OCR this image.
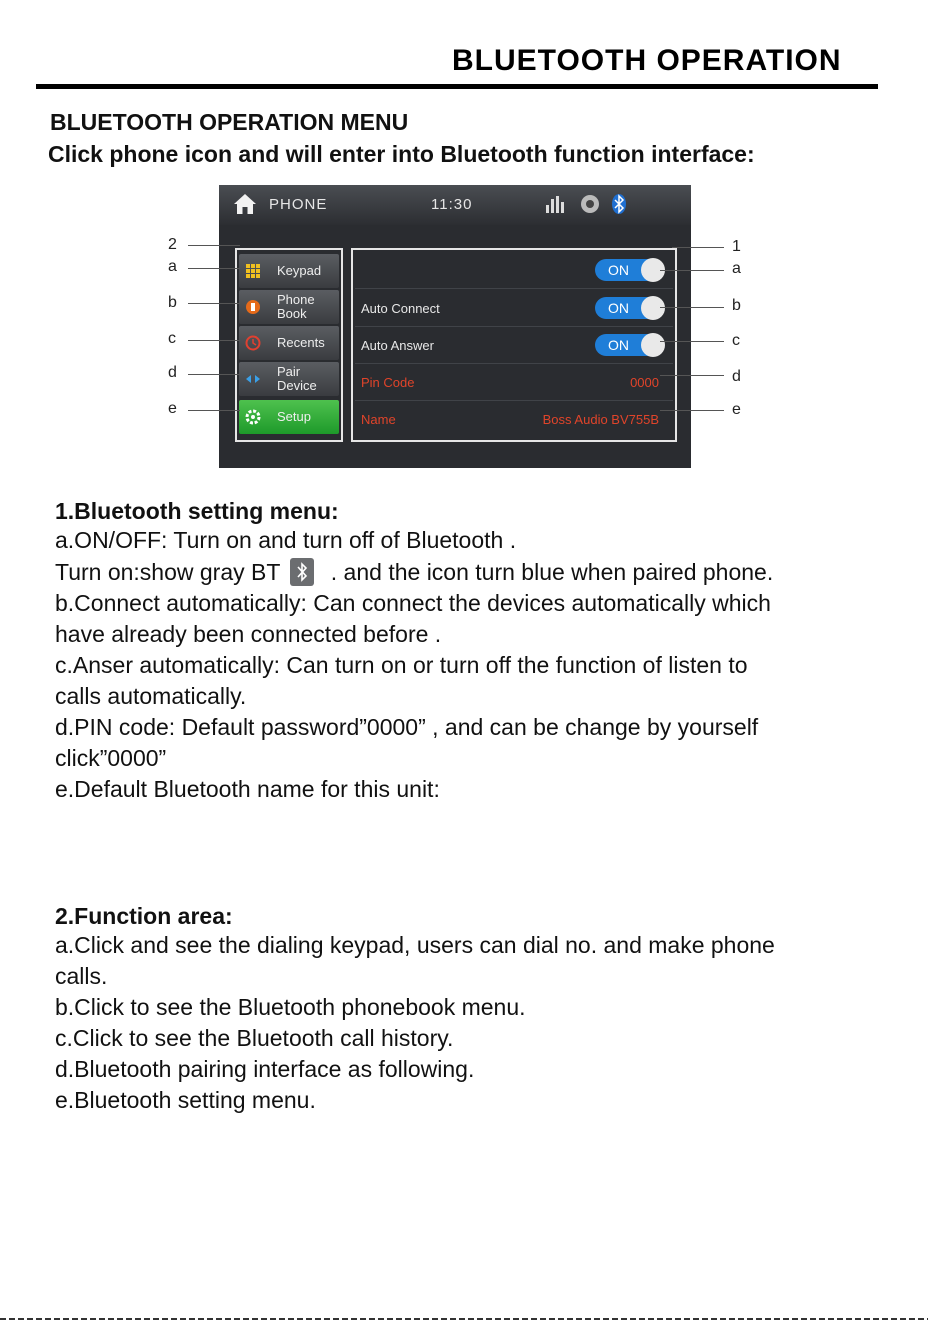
BLUETOOTH OPERATION
BLUETOOTH OPERATION MENU
Click phone icon and will enter into Bluetooth function interface:
PHONE	11:30
Keypad
Phone
Book
Recents
Pair
Device
Setup
ON
Auto Connect	ON
Auto Answer	ON
Pin Code	0000
Name	Boss Audio BV755B
2
a
b
c
d
e
1
a
b
c
d
e
1.Bluetooth setting menu:
a.ON/OFF: Turn on and turn off of Bluetooth .
Turn on:show gray BT . and the icon turn blue when paired phone.
b.Connect automatically: Can connect the devices automatically which
have already been connected before .
c.Anser automatically: Can turn on or turn off the function of listen to
calls automatically.
d.PIN code: Default password”0000” , and can be change by yourself
click”0000”
e.Default Bluetooth name for this unit:
2.Function area:
a.Click and see the dialing keypad, users can dial no. and make phone
calls.
b.Click to see the Bluetooth phonebook menu.
c.Click to see the Bluetooth call history.
d.Bluetooth pairing interface as following.
e.Bluetooth setting menu.
